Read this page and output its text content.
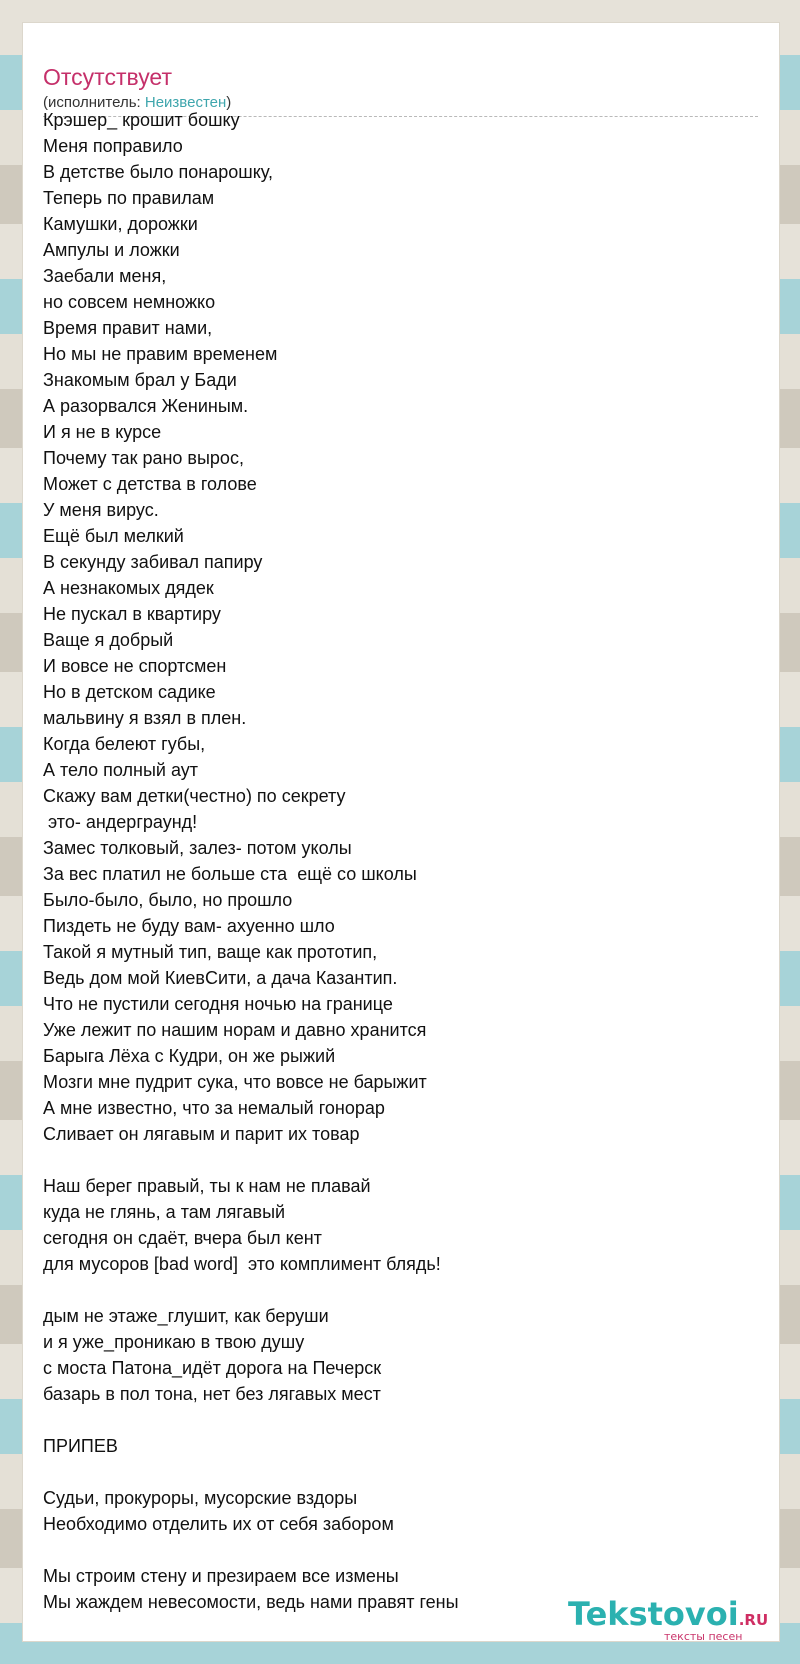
Отсутствует
(исполнитель: Неизвестен)
Крэшер_ крошит бошку
Меня поправило
В детстве было понарошку,
Теперь по правилам
Камушки, дорожки
Ампулы и ложки
Заебали меня,
но совсем немножко
Время правит нами,
Но мы не правим временем
Знакомым брал у Бади
А разорвался Жениным.
И я не в курсе
Почему так рано вырос,
Может с детства в голове
У меня вирус.
Ещё был мелкий
В секунду забивал папиру
А незнакомых дядек
Не пускал в квартиру
Ваще я добрый
И вовсе не спортсмен
Но в детском садике
мальвину я взял в плен.
Когда белеют губы,
А тело полный аут
Скажу вам детки(честно) по секрету
это- андерграунд!
Замес толковый, залез- потом уколы
За вес платил не больше ста  ещё со школы
Было-было, было, но прошло
Пиздеть не буду вам- ахуенно шло
Такой я мутный тип, ваще как прототип,
Ведь дом мой КиевСити, а дача Казантип.
Что не пустили сегодня ночью на границе
Уже лежит по нашим норам и давно хранится
Барыга Лёха с Кудри, он же рыжий
Мозги мне пудрит сука, что вовсе не барыжит
А мне известно, что за немалый гонорар
Сливает он лягавым и парит их товар
Наш берег правый, ты к нам не плавай
куда не глянь, а там лягавый
сегодня он сдаёт, вчера был кент
для мусоров [bad word]  это комплимент блядь!
дым не этаже_глушит, как беруши
и я уже_проникаю в твою душу
с моста Патона_идёт дорога на Печерск
базарь в пол тона, нет без лягавых мест
ПРИПЕВ
Судьи, прокуроры, мусорские вздоры
Необходимо отделить их от себя забором
Мы строим стену и презираем все измены
Мы жаждем невесомости, ведь нами правят гены	Tekstovoi.RU
тексты песен
